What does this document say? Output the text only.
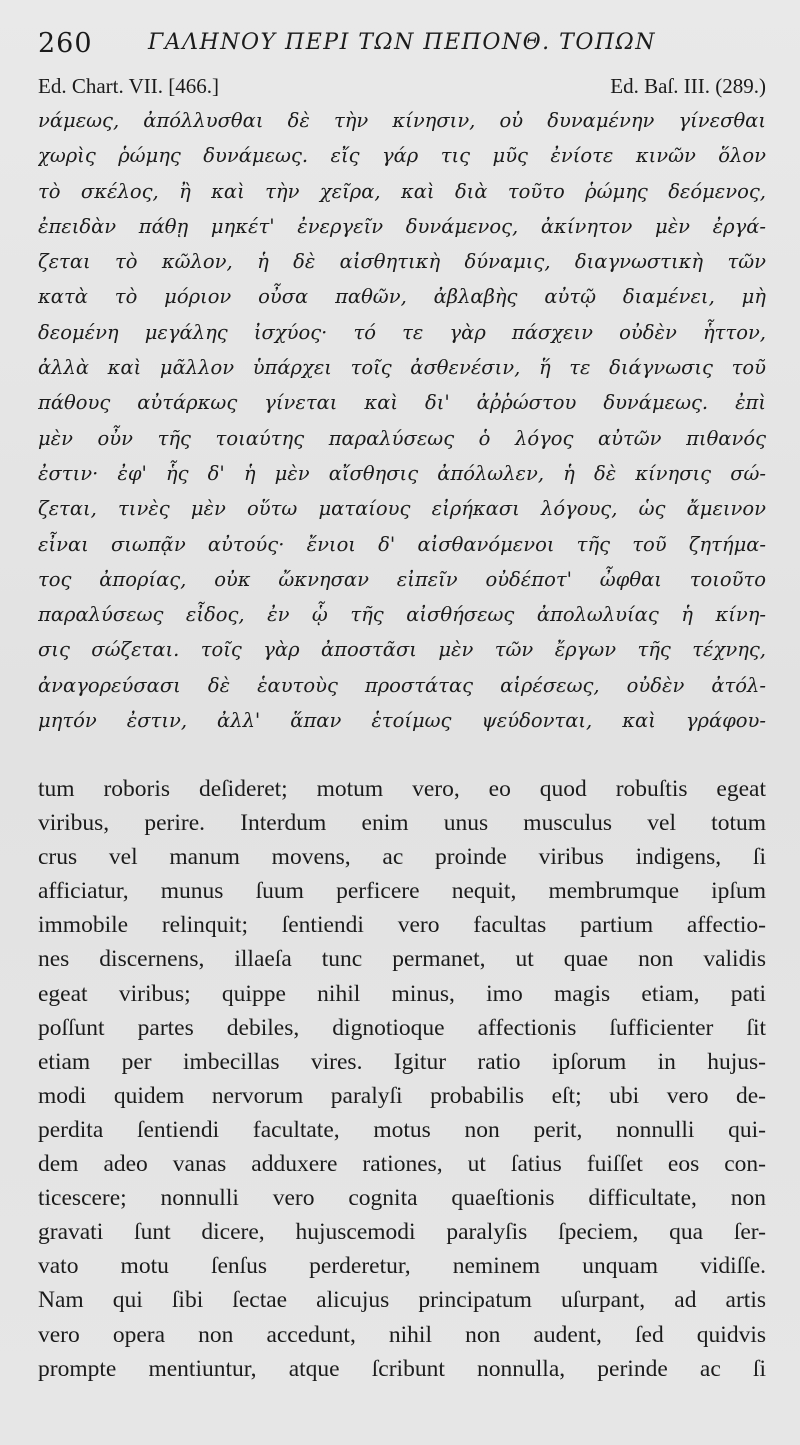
260	ΓΑΛΗΝΟΥ ΠΕΡΙ ΤΩΝ ΠΕΠΟΝΘ. ΤΟΠΩΝ
Ed. Chart. VII. [466.]	Ed. Baſ. III. (289.)
νάμεως, ἀπόλλυσθαι δὲ τὴν κίνησιν, οὐ δυναμένην γίνεσθαι
χωρὶς ῥώμης δυνάμεως. εἴς γάρ τις μῦς ἐνίοτε κινῶν ὅλον
τὸ σκέλος, ἢ καὶ τὴν χεῖρα, καὶ διὰ τοῦτο ῥώμης δεόμενος,
ἐπειδὰν πάθῃ μηκέτ' ἐνεργεῖν δυνάμενος, ἀκίνητον μὲν ἐργά-
ζεται τὸ κῶλον, ἡ δὲ αἰσθητικὴ δύναμις, διαγνωστικὴ τῶν
κατὰ τὸ μόριον οὖσα παθῶν, ἀβλαβὴς αὐτῷ διαμένει, μὴ
δεομένη μεγάλης ἰσχύος· τό τε γὰρ πάσχειν οὐδὲν ἧττον,
ἀλλὰ καὶ μᾶλλον ὑπάρχει τοῖς ἀσθενέσιν, ἥ τε διάγνωσις τοῦ
πάθους αὐτάρκως γίνεται καὶ δι' ἀῤῥώστου δυνάμεως. ἐπὶ
μὲν οὖν τῆς τοιαύτης παραλύσεως ὁ λόγος αὐτῶν πιθανός
ἐστιν· ἐφ' ἧς δ' ἡ μὲν αἴσθησις ἀπόλωλεν, ἡ δὲ κίνησις σώ-
ζεται, τινὲς μὲν οὕτω ματαίους εἰρήκασι λόγους, ὡς ἄμεινον
εἶναι σιωπᾷν αὐτούς· ἔνιοι δ' αἰσθανόμενοι τῆς τοῦ ζητήμα-
τος ἀπορίας, οὐκ ὤκνησαν εἰπεῖν οὐδέποτ' ὦφθαι τοιοῦτο
παραλύσεως εἶδος, ἐν ᾧ τῆς αἰσθήσεως ἀπολωλυίας ἡ κίνη-
σις σώζεται. τοῖς γὰρ ἀποστᾶσι μὲν τῶν ἔργων τῆς τέχνης,
ἀναγορεύσασι δὲ ἑαυτοὺς προστάτας αἱρέσεως, οὐδὲν ἀτόλ-
μητόν ἐστιν, ἀλλ' ἅπαν ἑτοίμως ψεύδονται, καὶ γράφου-
tum roboris deſideret; motum vero, eo quod robuſtis egeat
viribus, perire. Interdum enim unus musculus vel totum
crus vel manum movens, ac proinde viribus indigens, ſi
afficiatur, munus ſuum perficere nequit, membrumque ipſum
immobile relinquit; ſentiendi vero facultas partium affectio-
nes discernens, illaeſa tunc permanet, ut quae non validis
egeat viribus; quippe nihil minus, imo magis etiam, pati
poſſunt partes debiles, dignotioque affectionis ſufficienter ſit
etiam per imbecillas vires. Igitur ratio ipſorum in hujus-
modi quidem nervorum paralyſi probabilis eſt; ubi vero de-
perdita ſentiendi facultate, motus non perit, nonnulli qui-
dem adeo vanas adduxere rationes, ut ſatius fuiſſet eos con-
ticescere; nonnulli vero cognita quaeſtionis difficultate, non
gravati ſunt dicere, hujuscemodi paralyſis ſpeciem, qua ſer-
vato motu ſenſus perderetur, neminem unquam vidiſſe.
Nam qui ſibi ſectae alicujus principatum uſurpant, ad artis
vero opera non accedunt, nihil non audent, ſed quidvis
prompte mentiuntur, atque ſcribunt nonnulla, perinde ac ſi
